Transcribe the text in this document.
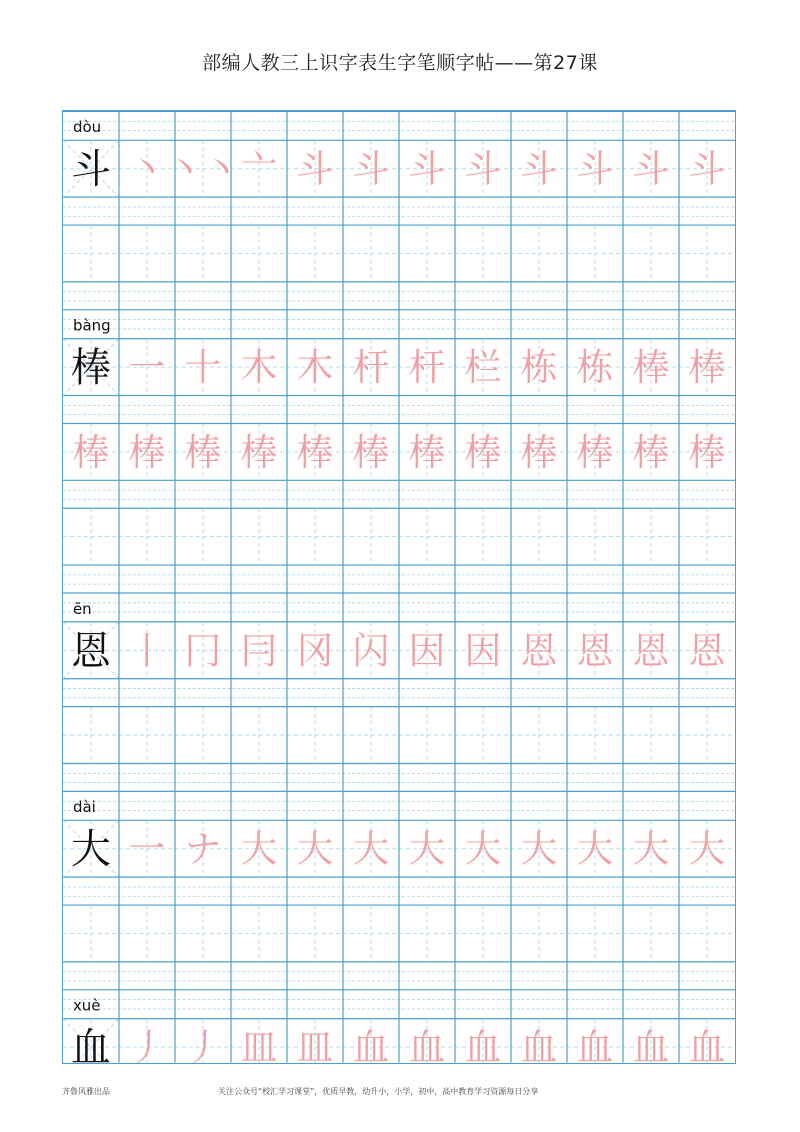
部编人教三上识字表生字笔顺字帖——第27课
dòu
斗 丶 丶丶 亠 斗 斗 斗 斗 斗 斗 斗 斗
bàng
棒 一 十 木 木 杆 杆 栏 栋 栋 棒 棒
棒 棒 棒 棒 棒 棒 棒 棒 棒 棒 棒 棒
ēn
恩 丨 冂 冃 冈 闪 因 因 恩 恩 恩 恩
dài
大 一 ナ 大 大 大 大 大 大 大 大 大
xuè
血 丿 丿 皿 皿 血 血 血 血 血 血 血
齐鲁风雅出品	关注公众号“校汇学习课堂”，优质早教，幼升小，小学，初中，高中教育学习资源每日分享
